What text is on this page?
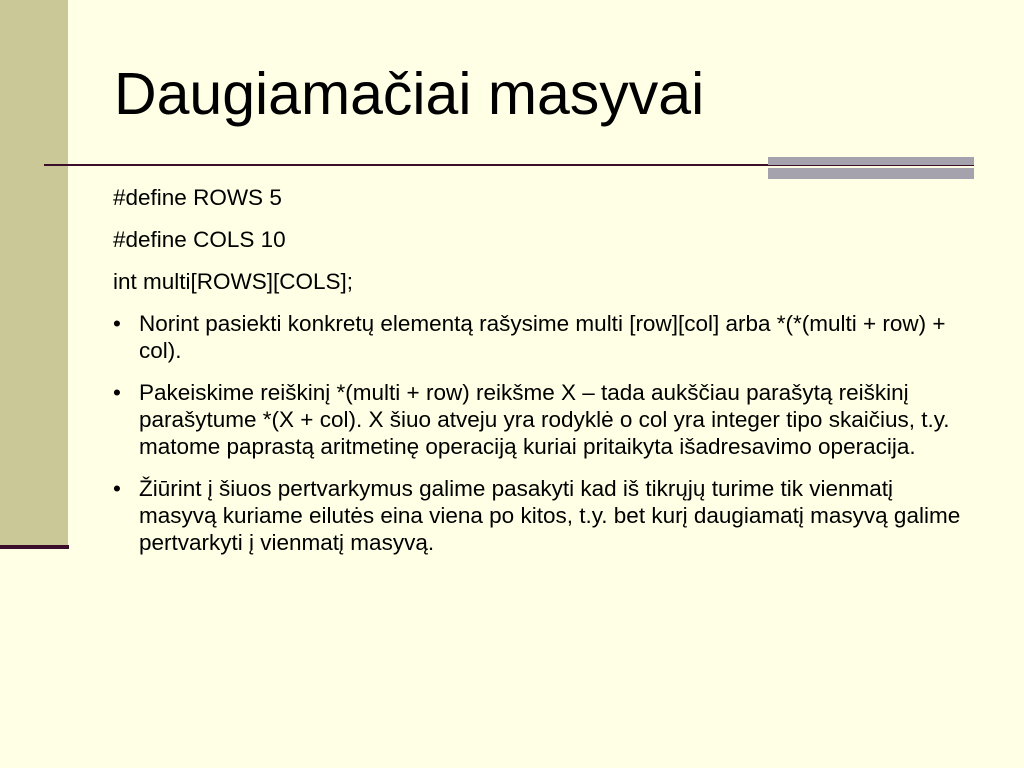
Daugiamačiai masyvai

#define ROWS 5

#define COLS 10

int multi[ROWS][COLS];

• Norint pasiekti konkretų elementą rašysime multi [row][col] arba *(*(multi + row) + col).

• Pakeiskime reiškinį *(multi + row) reikšme X – tada aukščiau parašytą reiškinį parašytume *(X + col). X šiuo atveju yra rodyklė o col yra integer tipo skaičius, t.y. matome paprastą aritmetinę operaciją kuriai pritaikyta išadresavimo operacija.

• Žiūrint į šiuos pertvarkymus galime pasakyti kad iš tikrųjų turime tik vienmatį masyvą kuriame eilutės eina viena po kitos, t.y. bet kurį daugiamatį masyvą galime pertvarkyti į vienmatį masyvą.
